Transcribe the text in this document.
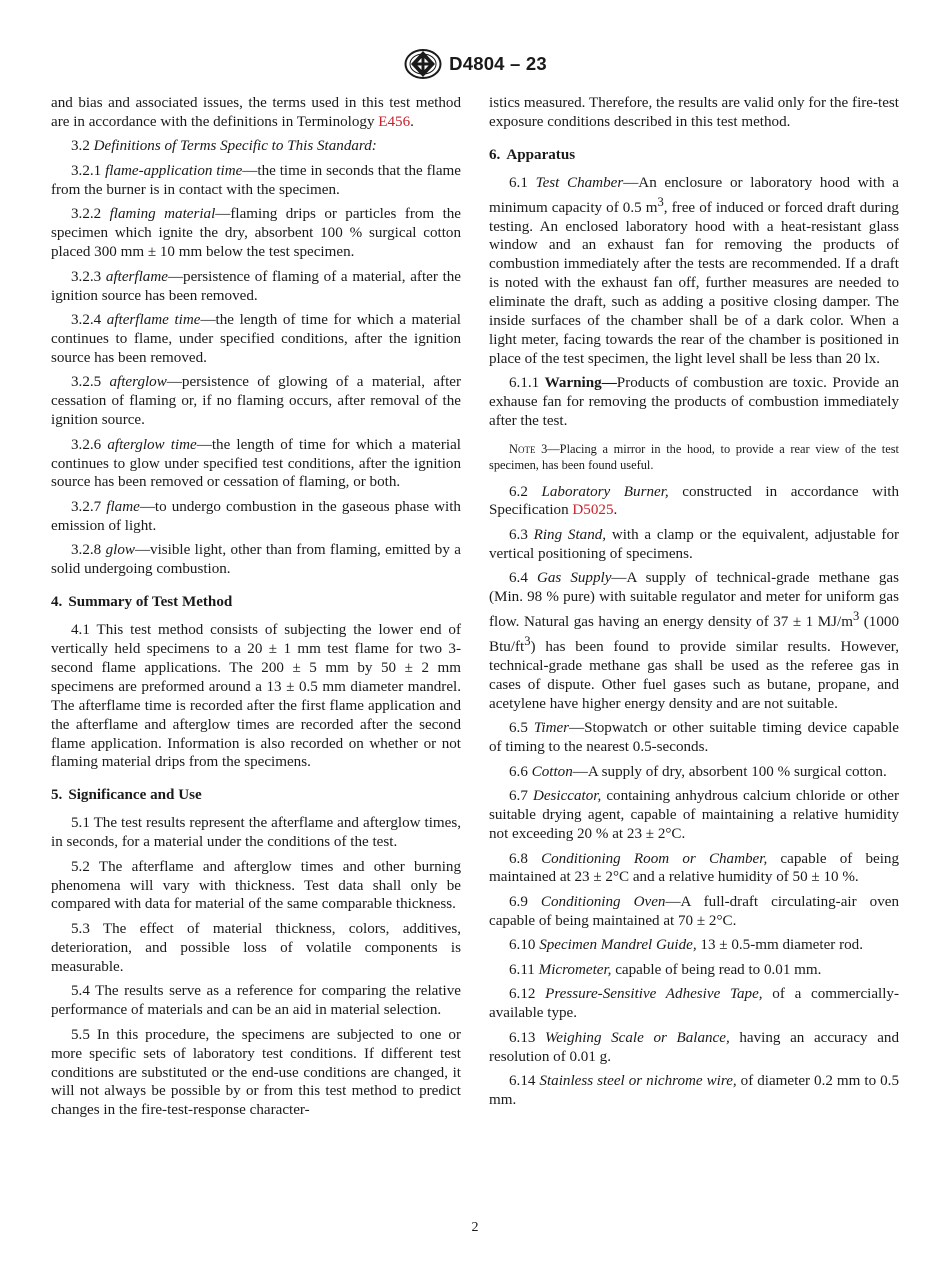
D4804 – 23

and bias and associated issues, the terms used in this test method are in accordance with the definitions in Terminology E456.

3.2 Definitions of Terms Specific to This Standard:

3.2.1 flame-application time—the time in seconds that the flame from the burner is in contact with the specimen.

3.2.2 flaming material—flaming drips or particles from the specimen which ignite the dry, absorbent 100 % surgical cotton placed 300 mm ± 10 mm below the test specimen.

3.2.3 afterflame—persistence of flaming of a material, after the ignition source has been removed.

3.2.4 afterflame time—the length of time for which a material continues to flame, under specified conditions, after the ignition source has been removed.

3.2.5 afterglow—persistence of glowing of a material, after cessation of flaming or, if no flaming occurs, after removal of the ignition source.

3.2.6 afterglow time—the length of time for which a material continues to glow under specified test conditions, after the ignition source has been removed or cessation of flaming, or both.

3.2.7 flame—to undergo combustion in the gaseous phase with emission of light.

3.2.8 glow—visible light, other than from flaming, emitted by a solid undergoing combustion.

4. Summary of Test Method

4.1 This test method consists of subjecting the lower end of vertically held specimens to a 20 ± 1 mm test flame for two 3-second flame applications. The 200 ± 5 mm by 50 ± 2 mm specimens are preformed around a 13 ± 0.5 mm diameter mandrel. The afterflame time is recorded after the first flame application and the afterflame and afterglow times are recorded after the second flame application. Information is also recorded on whether or not flaming material drips from the specimens.

5. Significance and Use

5.1 The test results represent the afterflame and afterglow times, in seconds, for a material under the conditions of the test.

5.2 The afterflame and afterglow times and other burning phenomena will vary with thickness. Test data shall only be compared with data for material of the same comparable thickness.

5.3 The effect of material thickness, colors, additives, deterioration, and possible loss of volatile components is measurable.

5.4 The results serve as a reference for comparing the relative performance of materials and can be an aid in material selection.

5.5 In this procedure, the specimens are subjected to one or more specific sets of laboratory test conditions. If different test conditions are substituted or the end-use conditions are changed, it will not always be possible by or from this test method to predict changes in the fire-test-response character-

istics measured. Therefore, the results are valid only for the fire-test exposure conditions described in this test method.

6. Apparatus

6.1 Test Chamber—An enclosure or laboratory hood with a minimum capacity of 0.5 $m^3$, free of induced or forced draft during testing. An enclosed laboratory hood with a heat-resistant glass window and an exhaust fan for removing the products of combustion immediately after the tests are recommended. If a draft is noted with the exhaust fan off, further measures are needed to eliminate the draft, such as adding a positive closing damper. The inside surfaces of the chamber shall be of a dark color. When a light meter, facing towards the rear of the chamber is positioned in place of the test specimen, the light level shall be less than 20 lx.

6.1.1 Warning—Products of combustion are toxic. Provide an exhause fan for removing the products of combustion immediately after the test.

Note 3—Placing a mirror in the hood, to provide a rear view of the test specimen, has been found useful.

6.2 Laboratory Burner, constructed in accordance with Specification D5025.

6.3 Ring Stand, with a clamp or the equivalent, adjustable for vertical positioning of specimens.

6.4 Gas Supply—A supply of technical-grade methane gas (Min. 98 % pure) with suitable regulator and meter for uniform gas flow. Natural gas having an energy density of 37 ± 1 $MJ/m^3$ (1000 Btu/$ft^3$) has been found to provide similar results. However, technical-grade methane gas shall be used as the referee gas in cases of dispute. Other fuel gases such as butane, propane, and acetylene have higher energy density and are not suitable.

6.5 Timer—Stopwatch or other suitable timing device capable of timing to the nearest 0.5-seconds.

6.6 Cotton—A supply of dry, absorbent 100 % surgical cotton.

6.7 Desiccator, containing anhydrous calcium chloride or other suitable drying agent, capable of maintaining a relative humidity not exceeding 20 % at 23 ± 2°C.

6.8 Conditioning Room or Chamber, capable of being maintained at 23 ± 2°C and a relative humidity of 50 ± 10 %.

6.9 Conditioning Oven—A full-draft circulating-air oven capable of being maintained at 70 ± 2°C.

6.10 Specimen Mandrel Guide, 13 ± 0.5-mm diameter rod.

6.11 Micrometer, capable of being read to 0.01 mm.

6.12 Pressure-Sensitive Adhesive Tape, of a commercially-available type.

6.13 Weighing Scale or Balance, having an accuracy and resolution of 0.01 g.

6.14 Stainless steel or nichrome wire, of diameter 0.2 mm to 0.5 mm.

2
